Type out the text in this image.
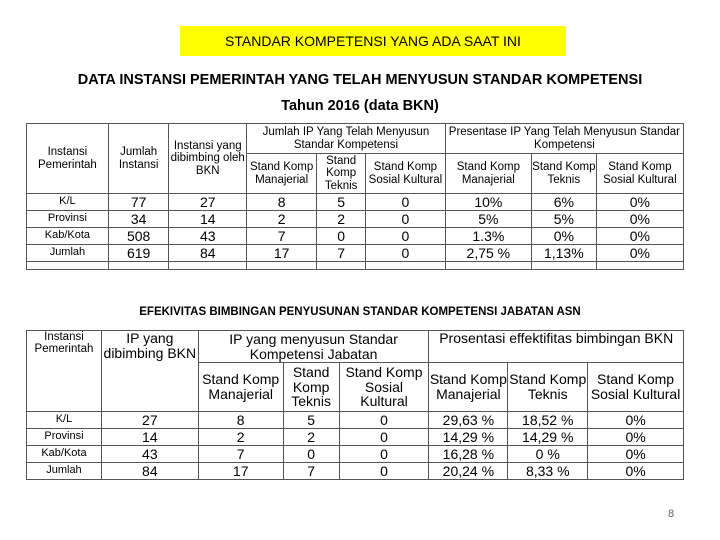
STANDAR KOMPETENSI YANG ADA SAAT INI
DATA INSTANSI PEMERINTAH YANG TELAH MENYUSUN STANDAR KOMPETENSI
Tahun 2016 (data BKN)
Instansi Pemerintah	Jumlah Instansi	Instansi yang dibimbing oleh BKN	Jumlah IP Yang Telah Menyusun Standar Kompetensi			Presentase IP Yang Telah Menyusun Standar Kompetensi		
			Stand Komp Manajerial	Stand Komp Teknis	Stand Komp Sosial Kultural	Stand Komp Manajerial	Stand Komp Teknis	Stand Komp Sosial Kultural
K/L	77	27	8	5	0	10%	6%	0%
Provinsi	34	14	2	2	0	5%	5%	0%
Kab/Kota	508	43	7	0	0	1.3%	0%	0%
Jumlah	619	84	17	7	0	2,75 %	1,13%	0%

EFEKIVITAS BIMBINGAN PENYUSUNAN STANDAR KOMPETENSI JABATAN ASN
Instansi Pemerintah	IP yang dibimbing BKN	IP yang menyusun Standar Kompetensi Jabatan			Prosentasi effektifitas bimbingan BKN		
		Stand Komp Manajerial	Stand Komp Teknis	Stand Komp Sosial Kultural	Stand Komp Manajerial	Stand Komp Teknis	Stand Komp Sosial Kultural
K/L	27	8	5	0	29,63 %	18,52 %	0%
Provinsi	14	2	2	0	14,29 %	14,29 %	0%
Kab/Kota	43	7	0	0	16,28 %	0 %	0%
Jumlah	84	17	7	0	20,24 %	8,33 %	0%
8
